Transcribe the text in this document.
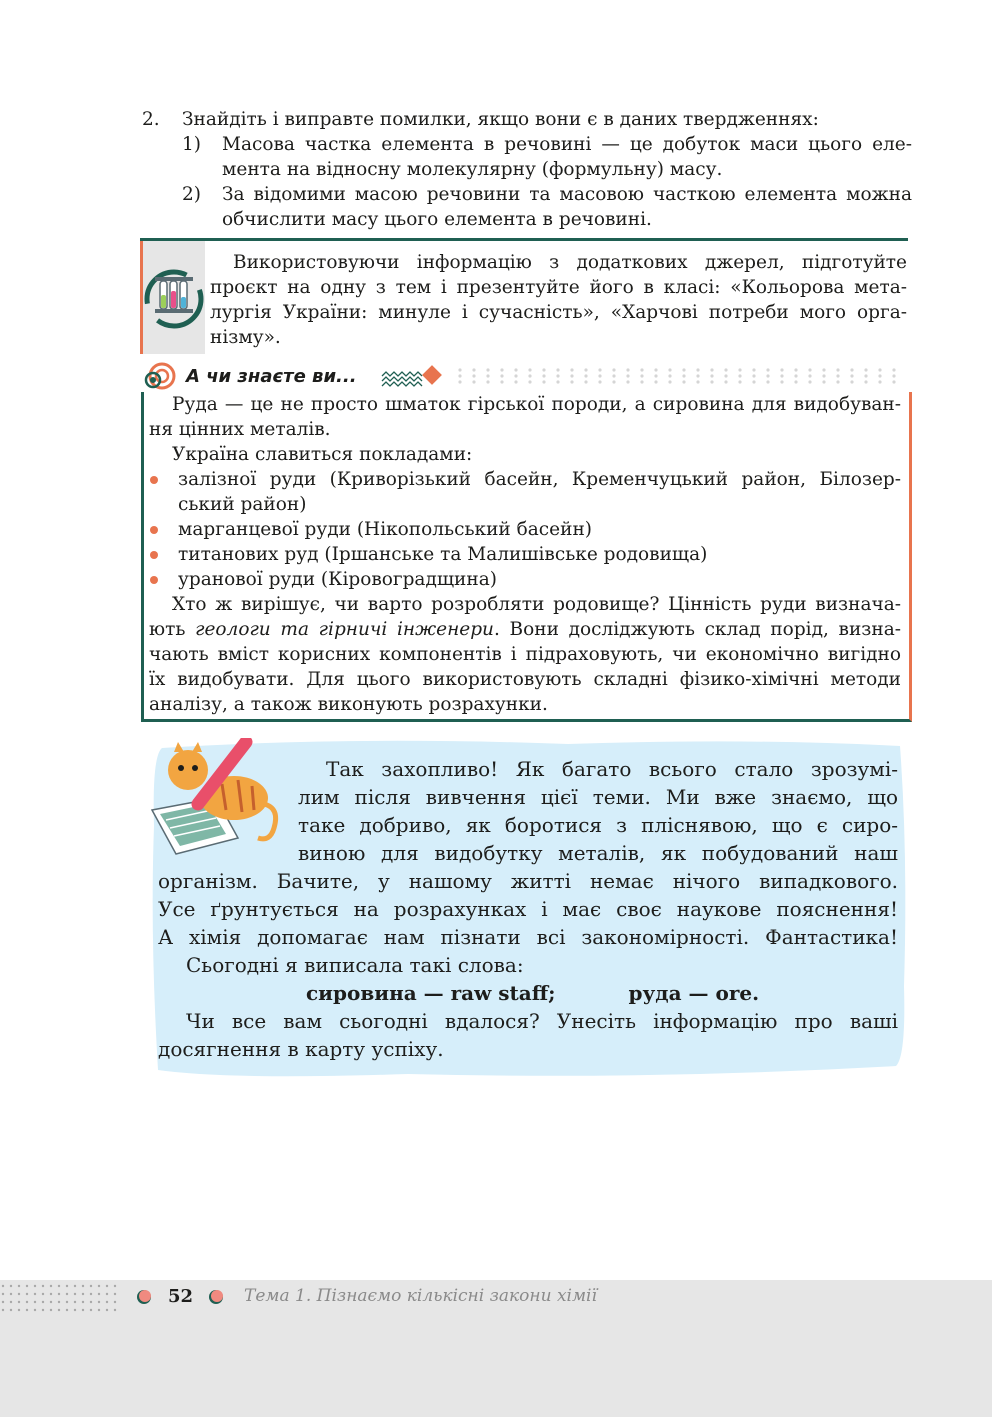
2. Знайдіть і виправте помилки, якщо вони є в даних твердженнях:
1) Масова частка елемента в речовині — це добуток маси цього еле-
мента на відносну молекулярну (формульну) масу.
2) За відомими масою речовини та масовою часткою елемента можна
обчислити масу цього елемента в речовині.
Використовуючи інформацію з додаткових джерел, підготуйте
проєкт на одну з тем і презентуйте його в класі: «Кольорова мета-
лургія України: минуле і сучасність», «Харчові потреби мого орга-
нізму».
А чи знаєте ви...
Руда — це не просто шматок гірської породи, а сировина для видобуван-
ня цінних металів.
Україна славиться покладами:
залізної руди (Криворізький басейн, Кременчуцький район, Білозер-
ський район)
марганцевої руди (Нікопольський басейн)
титанових руд (Іршанське та Малишівське родовища)
уранової руди (Кіровоградщина)
Хто ж вирішує, чи варто розробляти родовище? Цінність руди визнача-
ють геологи та гірничі інженери. Вони досліджують склад порід, визна-
чають вміст корисних компонентів і підраховують, чи економічно вигідно
їх видобувати. Для цього використовують складні фізико-хімічні методи
аналізу, а також виконують розрахунки.
Так захопливо! Як багато всього стало зрозумі-
лим після вивчення цієї теми. Ми вже знаємо, що
таке добриво, як боротися з пліснявою, що є сиро-
виною для видобутку металів, як побудований наш
організм. Бачите, у нашому житті немає нічого випадкового.
Усе ґрунтується на розрахунках і має своє наукове пояснення!
А хімія допомагає нам пізнати всі закономірності. Фантастика!
Сьогодні я виписала такі слова:
сировина — raw staff;	руда — ore.
Чи все вам сьогодні вдалося? Унесіть інформацію про ваші
досягнення в карту успіху.
52	Тема 1. Пізнаємо кількісні закони хімії
